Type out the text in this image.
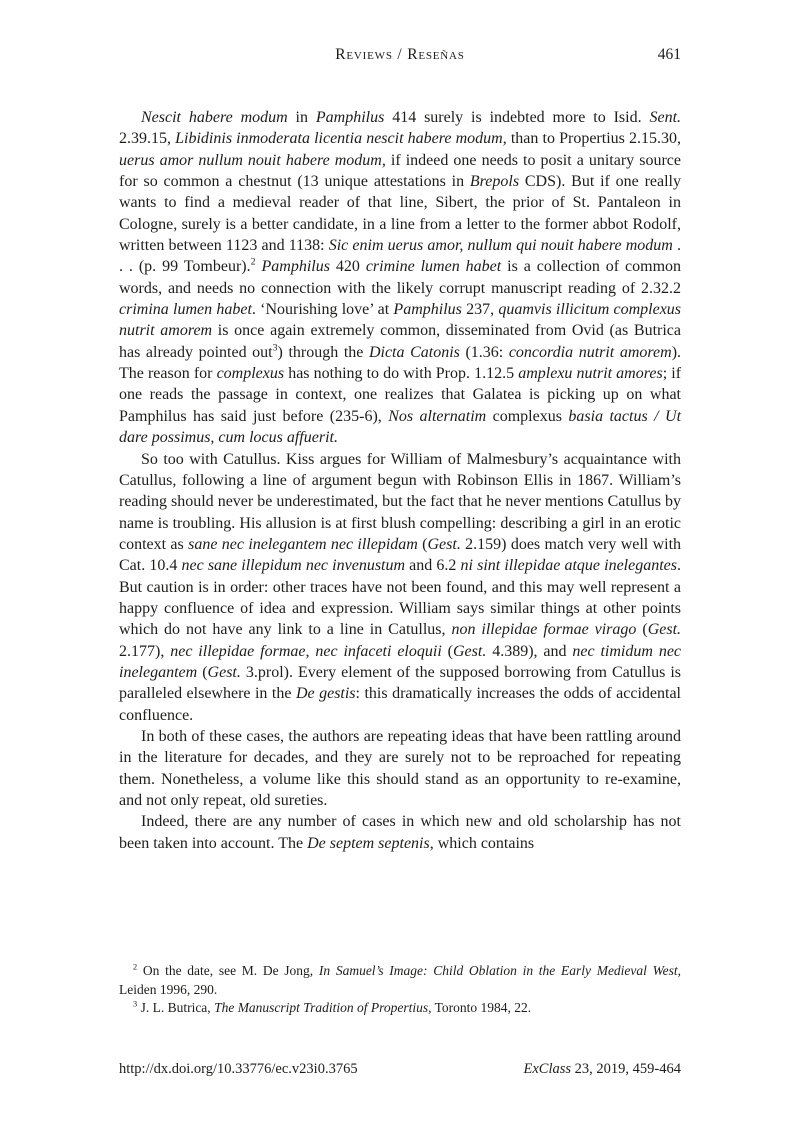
Reviews / Reseñas	461

Nescit habere modum in Pamphilus 414 surely is indebted more to Isid. Sent. 2.39.15, Libidinis inmoderata licentia nescit habere modum, than to Propertius 2.15.30, uerus amor nullum nouit habere modum, if indeed one needs to posit a unitary source for so common a chestnut (13 unique attestations in Brepols CDS). But if one really wants to find a medieval reader of that line, Sibert, the prior of St. Pantaleon in Cologne, surely is a better candidate, in a line from a letter to the former abbot Rodolf, written between 1123 and 1138: Sic enim uerus amor, nullum qui nouit habere modum . . . (p. 99 Tombeur).$^2$ Pamphilus 420 crimine lumen habet is a collection of common words, and needs no connection with the likely corrupt manuscript reading of 2.32.2 crimina lumen habet. ‘Nourishing love’ at Pamphilus 237, quamvis illicitum complexus nutrit amorem is once again extremely common, disseminated from Ovid (as Butrica has already pointed out$^3$) through the Dicta Catonis (1.36: concordia nutrit amorem). The reason for complexus has nothing to do with Prop. 1.12.5 amplexu nutrit amores; if one reads the passage in context, one realizes that Galatea is picking up on what Pamphilus has said just before (235-6), Nos alternatim complexus basia tactus / Ut dare possimus, cum locus affuerit.

So too with Catullus. Kiss argues for William of Malmesbury’s acquaintance with Catullus, following a line of argument begun with Robinson Ellis in 1867. William’s reading should never be underestimated, but the fact that he never mentions Catullus by name is troubling. His allusion is at first blush compelling: describing a girl in an erotic context as sane nec inelegantem nec illepidam (Gest. 2.159) does match very well with Cat. 10.4 nec sane illepidum nec invenustum and 6.2 ni sint illepidae atque inelegantes. But caution is in order: other traces have not been found, and this may well represent a happy confluence of idea and expression. William says similar things at other points which do not have any link to a line in Catullus, non illepidae formae virago (Gest. 2.177), nec illepidae formae, nec infaceti eloquii (Gest. 4.389), and nec timidum nec inelegantem (Gest. 3.prol). Every element of the supposed borrowing from Catullus is paralleled elsewhere in the De gestis: this dramatically increases the odds of accidental confluence.

In both of these cases, the authors are repeating ideas that have been rattling around in the literature for decades, and they are surely not to be reproached for repeating them. Nonetheless, a volume like this should stand as an opportunity to re-examine, and not only repeat, old sureties.

Indeed, there are any number of cases in which new and old scholarship has not been taken into account. The De septem septenis, which contains

$^2$ On the date, see M. De Jong, In Samuel’s Image: Child Oblation in the Early Medieval West, Leiden 1996, 290.

$^3$ J. L. Butrica, The Manuscript Tradition of Propertius, Toronto 1984, 22.

http://dx.doi.org/10.33776/ec.v23i0.3765	ExClass 23, 2019, 459-464
